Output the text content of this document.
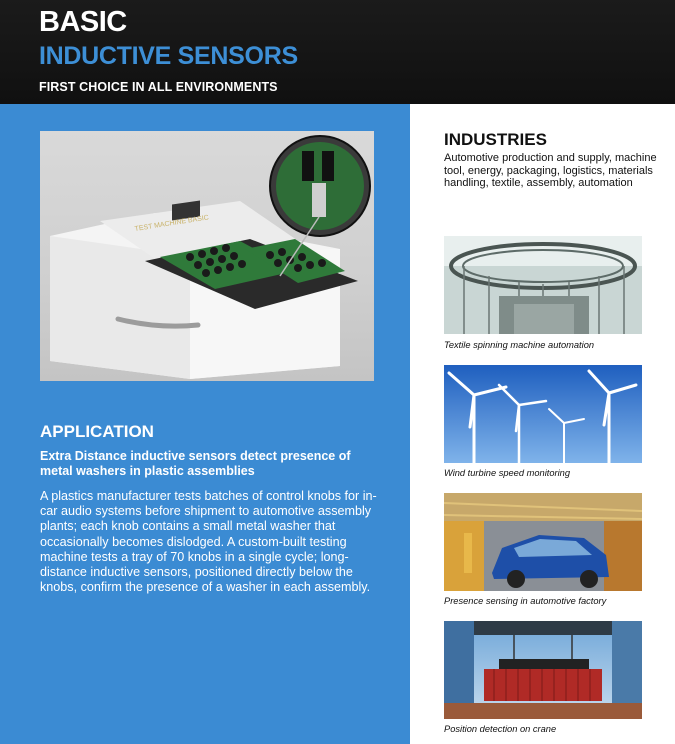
BASIC
INDUCTIVE SENSORS
FIRST CHOICE IN ALL ENVIRONMENTS
TEST MACHINE BASIC
APPLICATION
Extra Distance inductive sensors detect presence of metal washers in plastic assemblies
A plastics manufacturer tests batches of control knobs for in-car audio systems before shipment to automotive assembly plants; each knob contains a small metal washer that occasionally becomes dislodged. A custom-built testing machine tests a tray of 70 knobs in a single cycle; long-distance inductive sensors, positioned directly below the knobs, confirm the presence of a washer in each assembly.
INDUSTRIES
Automotive production and supply, machine tool, energy, packaging, logistics, materials handling, textile, assembly, automation
Textile spinning machine automation
Wind turbine speed monitoring
Presence sensing in automotive factory
Position detection on crane
